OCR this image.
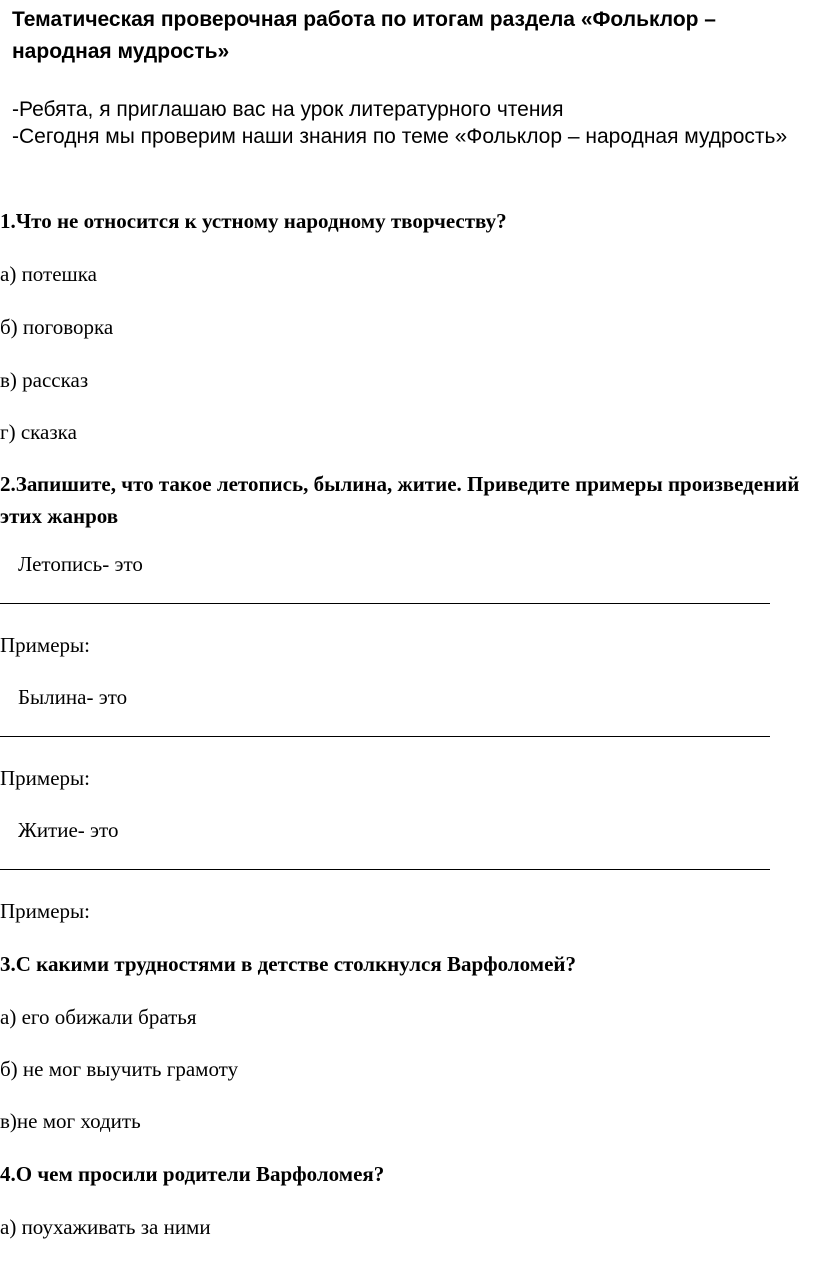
Тематическая проверочная работа по итогам раздела «Фольклор – народная мудрость»
-Ребята, я приглашаю вас на урок литературного чтения
-Сегодня мы проверим наши знания по теме «Фольклор – народная мудрость»
1.Что не относится к устному народному творчеству?
а) потешка
б) поговорка
в) рассказ
г) сказка
2.Запишите, что такое летопись, былина, житие. Приведите примеры произведений этих жанров
Летопись- это
Примеры:
Былина- это
Примеры:
Житие- это
Примеры:
3.С какими трудностями в детстве столкнулся Варфоломей?
а) его обижали братья
б) не мог выучить грамоту
в)не мог ходить
4.О чем просили родители Варфоломея?
а) поухаживать за ними
